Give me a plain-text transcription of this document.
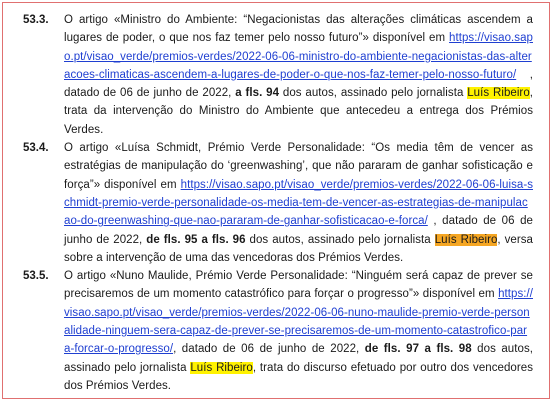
53.3.	O artigo «Ministro do Ambiente: “Negacionistas das alterações climáticas ascendem a lugares de poder, o que nos faz temer pelo nosso futuro”» disponível em https://visao.sapo.pt/visao_verde/premios-verdes/2022-06-06-ministro-do-ambiente-negacionistas-das-alteracoes-climaticas-ascendem-a-lugares-de-poder-o-que-nos-faz-temer-pelo-nosso-futuro/ , datado de 06 de junho de 2022, a fls. 94 dos autos, assinado pelo jornalista Luís Ribeiro, trata da intervenção do Ministro do Ambiente que antecedeu a entrega dos Prémios Verdes.
53.4.	O artigo «Luísa Schmidt, Prémio Verde Personalidade: “Os media têm de vencer as estratégias de manipulação do ‘greenwashing’, que não pararam de ganhar sofisticação e força”» disponível em https://visao.sapo.pt/visao_verde/premios-verdes/2022-06-06-luisa-schmidt-premio-verde-personalidade-os-media-tem-de-vencer-as-estrategias-de-manipulacao-do-greenwashing-que-nao-pararam-de-ganhar-sofisticacao-e-forca/ , datado de 06 de junho de 2022, de fls. 95 a fls. 96 dos autos, assinado pelo jornalista Luís Ribeiro, versa sobre a intervenção de uma das vencedoras dos Prémios Verdes.
53.5.	O artigo «Nuno Maulide, Prémio Verde Personalidade: “Ninguém será capaz de prever se precisaremos de um momento catastrófico para forçar o progresso”» disponível em https://visao.sapo.pt/visao_verde/premios-verdes/2022-06-06-nuno-maulide-premio-verde-personalidade-ninguem-sera-capaz-de-prever-se-precisaremos-de-um-momento-catastrofico-para-forcar-o-progresso/, datado de 06 de junho de 2022, de fls. 97 a fls. 98 dos autos, assinado pelo jornalista Luís Ribeiro, trata do discurso efetuado por outro dos vencedores dos Prémios Verdes.
